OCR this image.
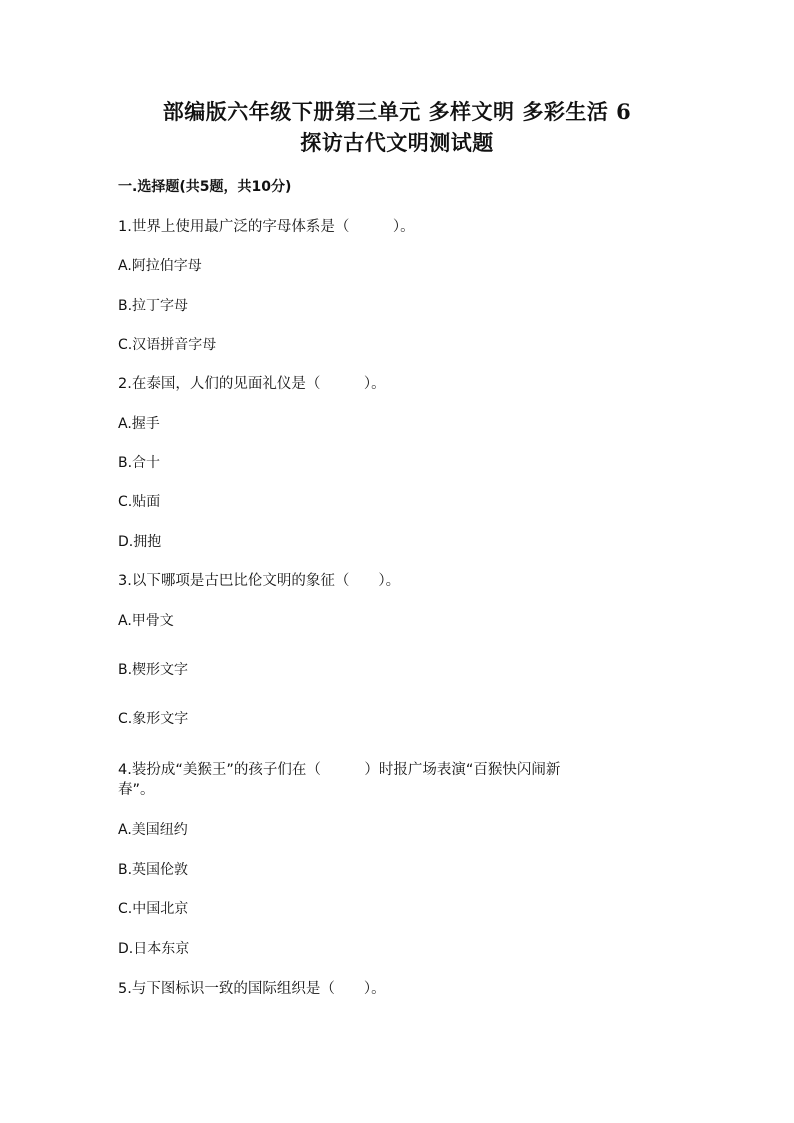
部编版六年级下册第三单元 多样文明 多彩生活 6
探访古代文明测试题

一.选择题(共5题，共10分)

1.世界上使用最广泛的字母体系是（　　　）。

A.阿拉伯字母

B.拉丁字母

C.汉语拼音字母

2.在泰国，人们的见面礼仪是（　　　）。

A.握手

B.合十

C.贴面

D.拥抱

3.以下哪项是古巴比伦文明的象征（　　）。

A.甲骨文

B.楔形文字

C.象形文字

4.装扮成“美猴王”的孩子们在（　　　）时报广场表演“百猴快闪闹新

春”。

A.美国纽约

B.英国伦敦

C.中国北京

D.日本东京

5.与下图标识一致的国际组织是（　　）。
